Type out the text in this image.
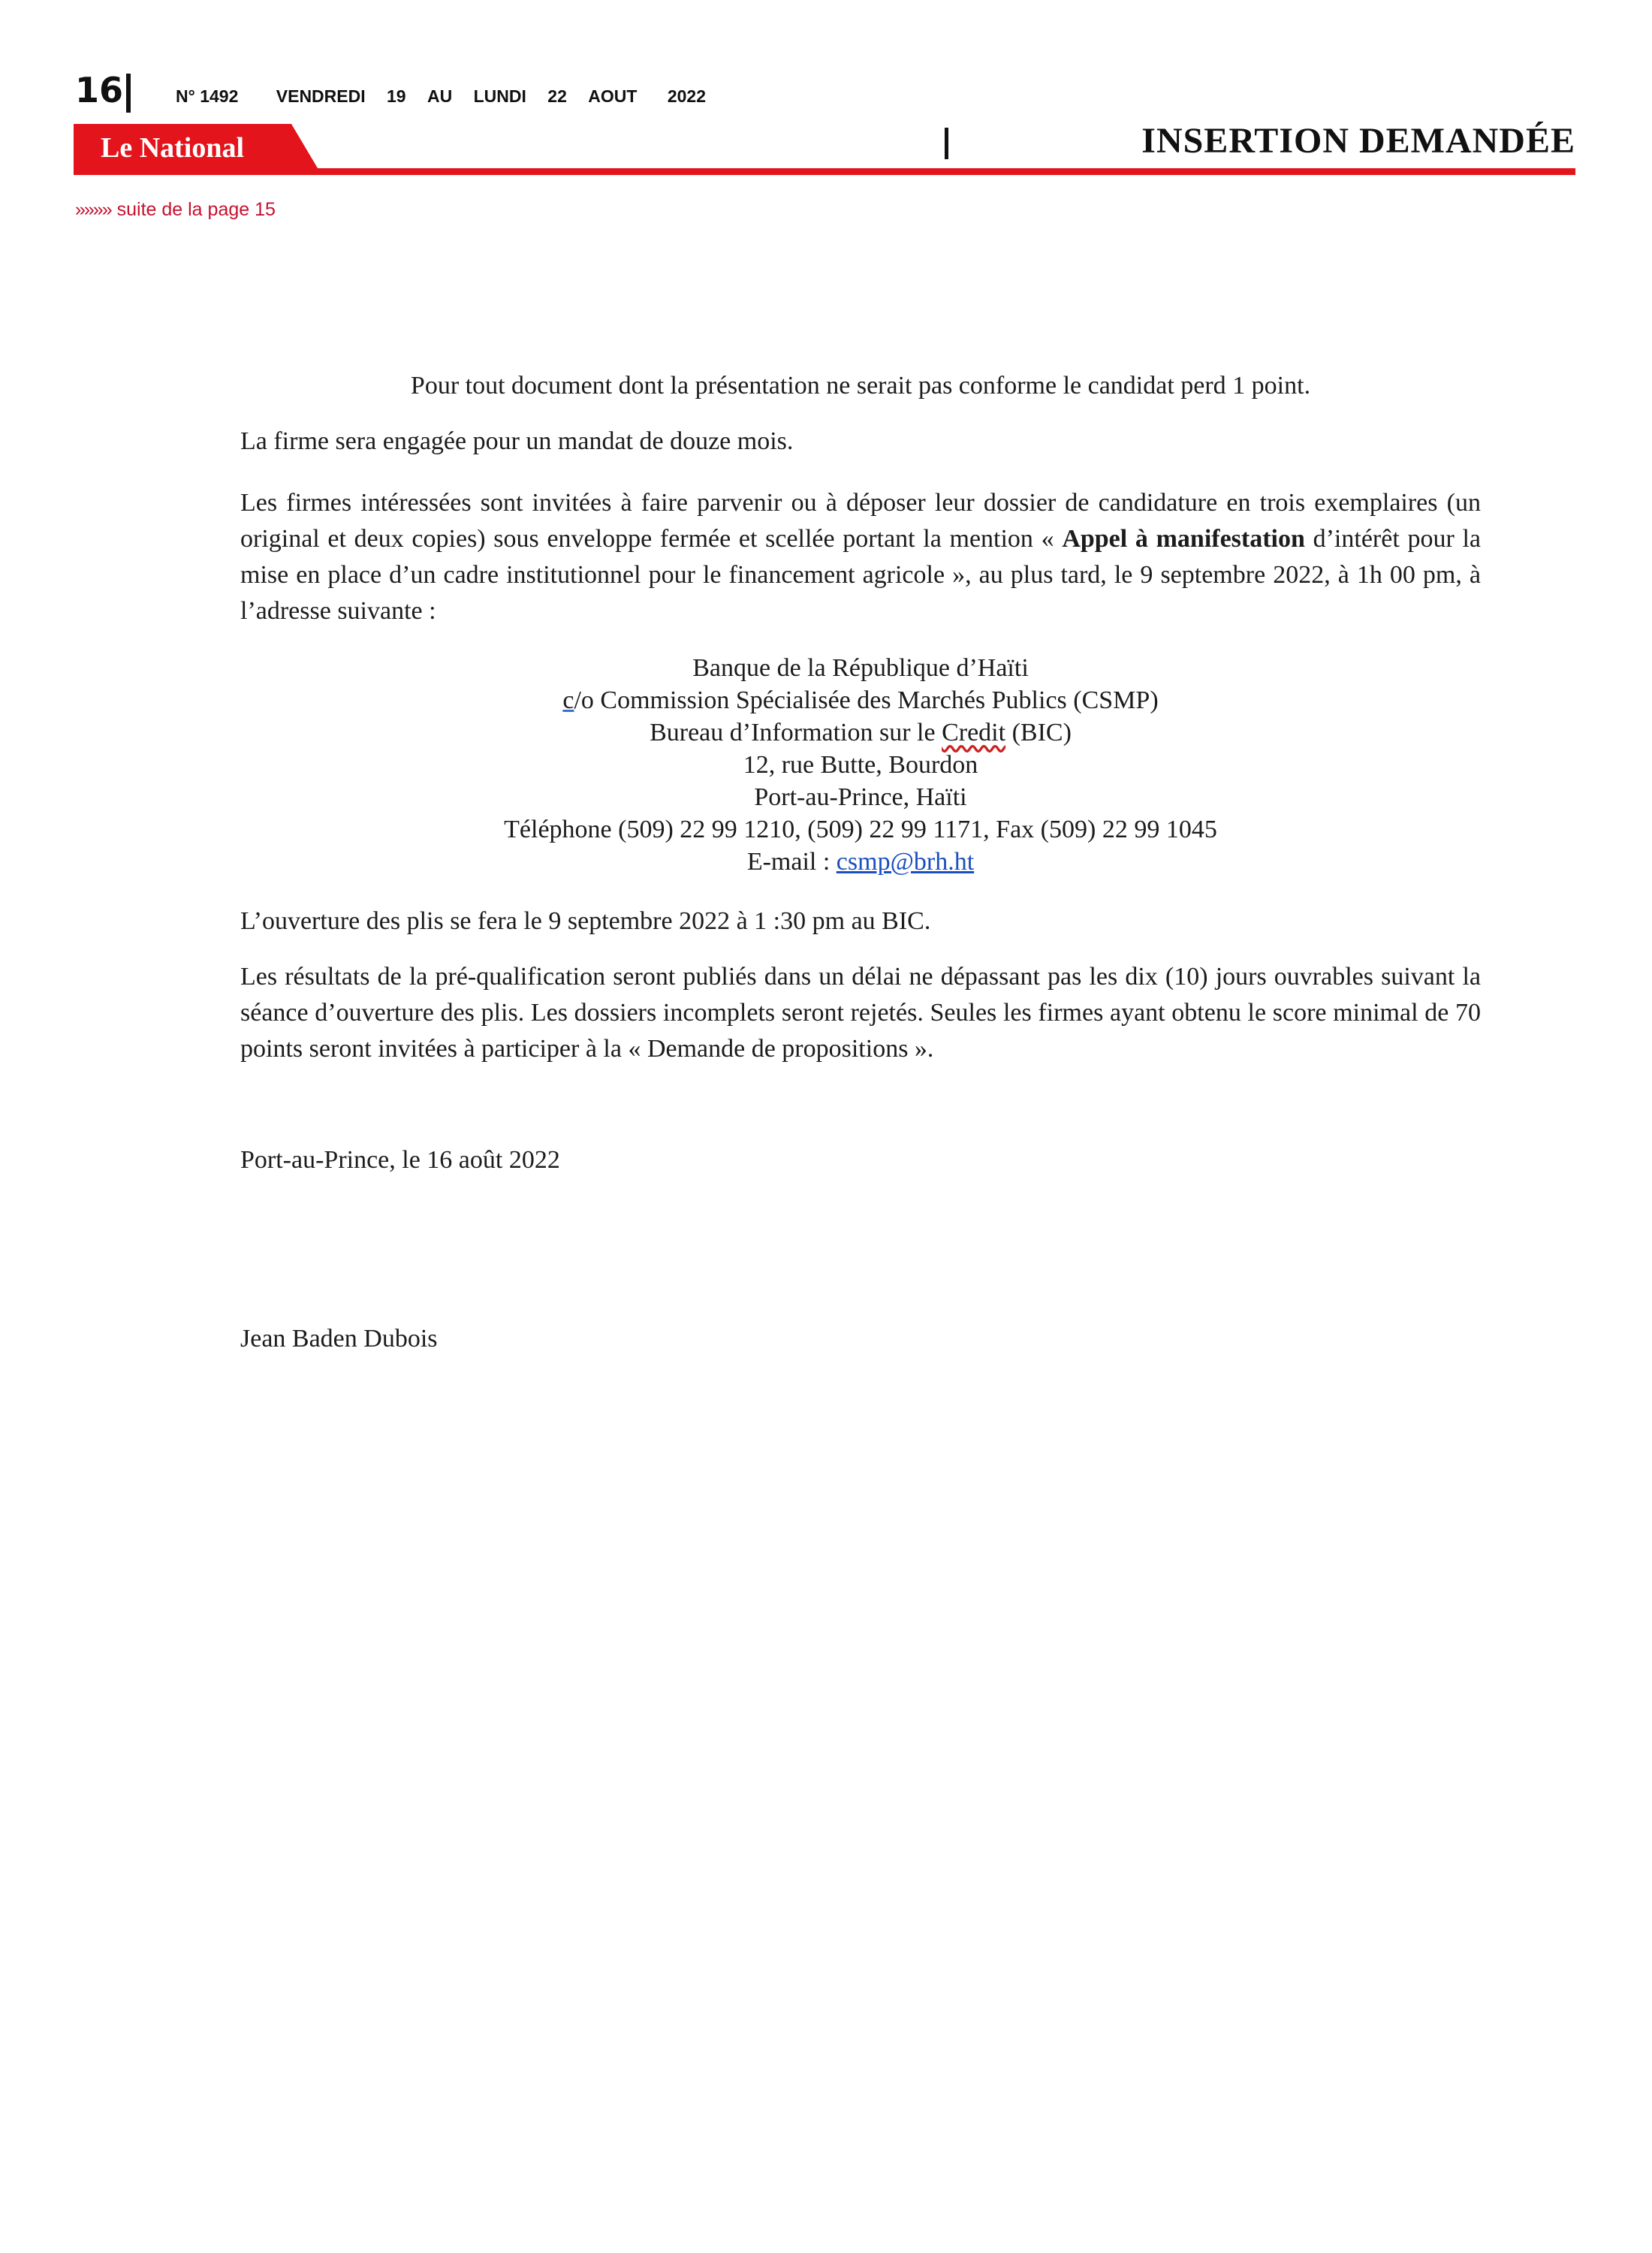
16	N° 1492 VENDREDI 19 AU LUNDI 22 AOUT 2022
Le National	INSERTION DEMANDÉE
»»»» suite de la page 15

Pour tout document dont la présentation ne serait pas conforme le candidat perd 1 point.

La firme sera engagée pour un mandat de douze mois.

Les firmes intéressées sont invitées à faire parvenir ou à déposer leur dossier de candidature en trois exemplaires (un original et deux copies) sous enveloppe fermée et scellée portant la mention « Appel à manifestation d’intérêt pour la mise en place d’un cadre institutionnel pour le financement agricole », au plus tard, le 9 septembre 2022, à 1h 00 pm, à l’adresse suivante :

Banque de la République d’Haïti
c/o Commission Spécialisée des Marchés Publics (CSMP)
Bureau d’Information sur le Credit (BIC)
12, rue Butte, Bourdon
Port-au-Prince, Haïti
Téléphone (509) 22 99 1210, (509) 22 99 1171, Fax (509) 22 99 1045
E-mail : csmp@brh.ht

L’ouverture des plis se fera le 9 septembre 2022 à 1 :30 pm au BIC.

Les résultats de la pré-qualification seront publiés dans un délai ne dépassant pas les dix (10) jours ouvrables suivant la séance d’ouverture des plis. Les dossiers incomplets seront rejetés. Seules les firmes ayant obtenu le score minimal de 70 points seront invitées à participer à la « Demande de propositions ».

Port-au-Prince, le 16 août 2022

Jean Baden Dubois
